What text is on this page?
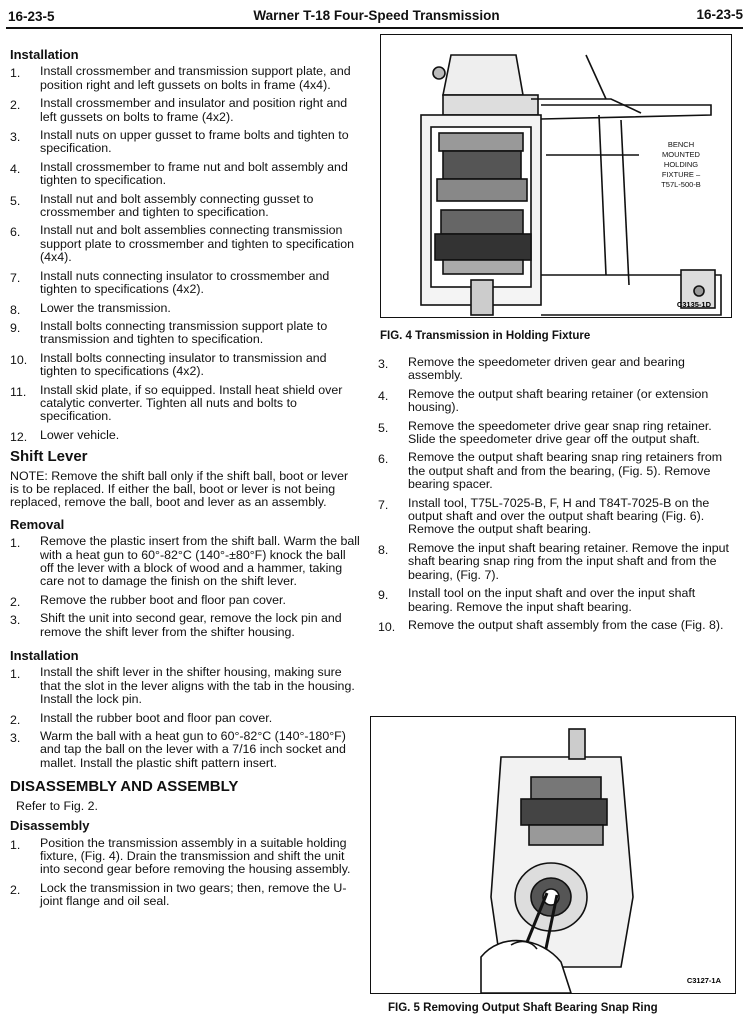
16-23-5	Warner T-18 Four-Speed Transmission	16-23-5
Installation
1. Install crossmember and transmission support plate, and position right and left gussets on bolts in frame (4x4).
2. Install crossmember and insulator and position right and left gussets on bolts to frame (4x2).
3. Install nuts on upper gusset to frame bolts and tighten to specification.
4. Install crossmember to frame nut and bolt assembly and tighten to specification.
5. Install nut and bolt assembly connecting gusset to crossmember and tighten to specification.
6. Install nut and bolt assemblies connecting transmission support plate to crossmember and tighten to specification (4x4).
7. Install nuts connecting insulator to crossmember and tighten to specifications (4x2).
8. Lower the transmission.
9. Install bolts connecting transmission support plate to transmission and tighten to specification.
10. Install bolts connecting insulator to transmission and tighten to specifications (4x2).
11. Install skid plate, if so equipped. Install heat shield over catalytic converter. Tighten all nuts and bolts to specification.
12. Lower vehicle.
Shift Lever

NOTE: Remove the shift ball only if the shift ball, boot or lever is to be replaced. If either the ball, boot or lever is not being replaced, remove the ball, boot and lever as an assembly.

Removal
1. Remove the plastic insert from the shift ball. Warm the ball with a heat gun to 60°-82°C (140°-±80°F) knock the ball off the lever with a block of wood and a hammer, taking care not to damage the finish on the shift lever.
2. Remove the rubber boot and floor pan cover.
3. Shift the unit into second gear, remove the lock pin and remove the shift lever from the shifter housing.
Installation
1. Install the shift lever in the shifter housing, making sure that the slot in the lever aligns with the tab in the housing. Install the lock pin.
2. Install the rubber boot and floor pan cover.
3. Warm the ball with a heat gun to 60°-82°C (140°-180°F) and tap the ball on the lever with a 7/16 inch socket and mallet. Install the plastic shift pattern insert.
DISASSEMBLY AND ASSEMBLY

Refer to Fig. 2.

Disassembly
1. Position the transmission assembly in a suitable holding fixture, (Fig. 4). Drain the transmission and shift the unit into second gear before removing the housing assembly.
2. Lock the transmission in two gears; then, remove the U-joint flange and oil seal.
BENCH
MOUNTED
HOLDING
FIXTURE –
T57L-500-B
C3135-1D
FIG. 4 Transmission in Holding Fixture
3. Remove the speedometer driven gear and bearing assembly.
4. Remove the output shaft bearing retainer (or extension housing).
5. Remove the speedometer drive gear snap ring retainer. Slide the speedometer drive gear off the output shaft.
6. Remove the output shaft bearing snap ring retainers from the output shaft and from the bearing, (Fig. 5). Remove bearing spacer.
7. Install tool, T75L-7025-B, F, H and T84T-7025-B on the output shaft and over the output shaft bearing (Fig. 6). Remove the output shaft bearing.
8. Remove the input shaft bearing retainer. Remove the input shaft bearing snap ring from the input shaft and from the bearing, (Fig. 7).
9. Install tool on the input shaft and over the input shaft bearing. Remove the input shaft bearing.
10. Remove the output shaft assembly from the case (Fig. 8).
C3127-1A
FIG. 5 Removing Output Shaft Bearing Snap Ring
